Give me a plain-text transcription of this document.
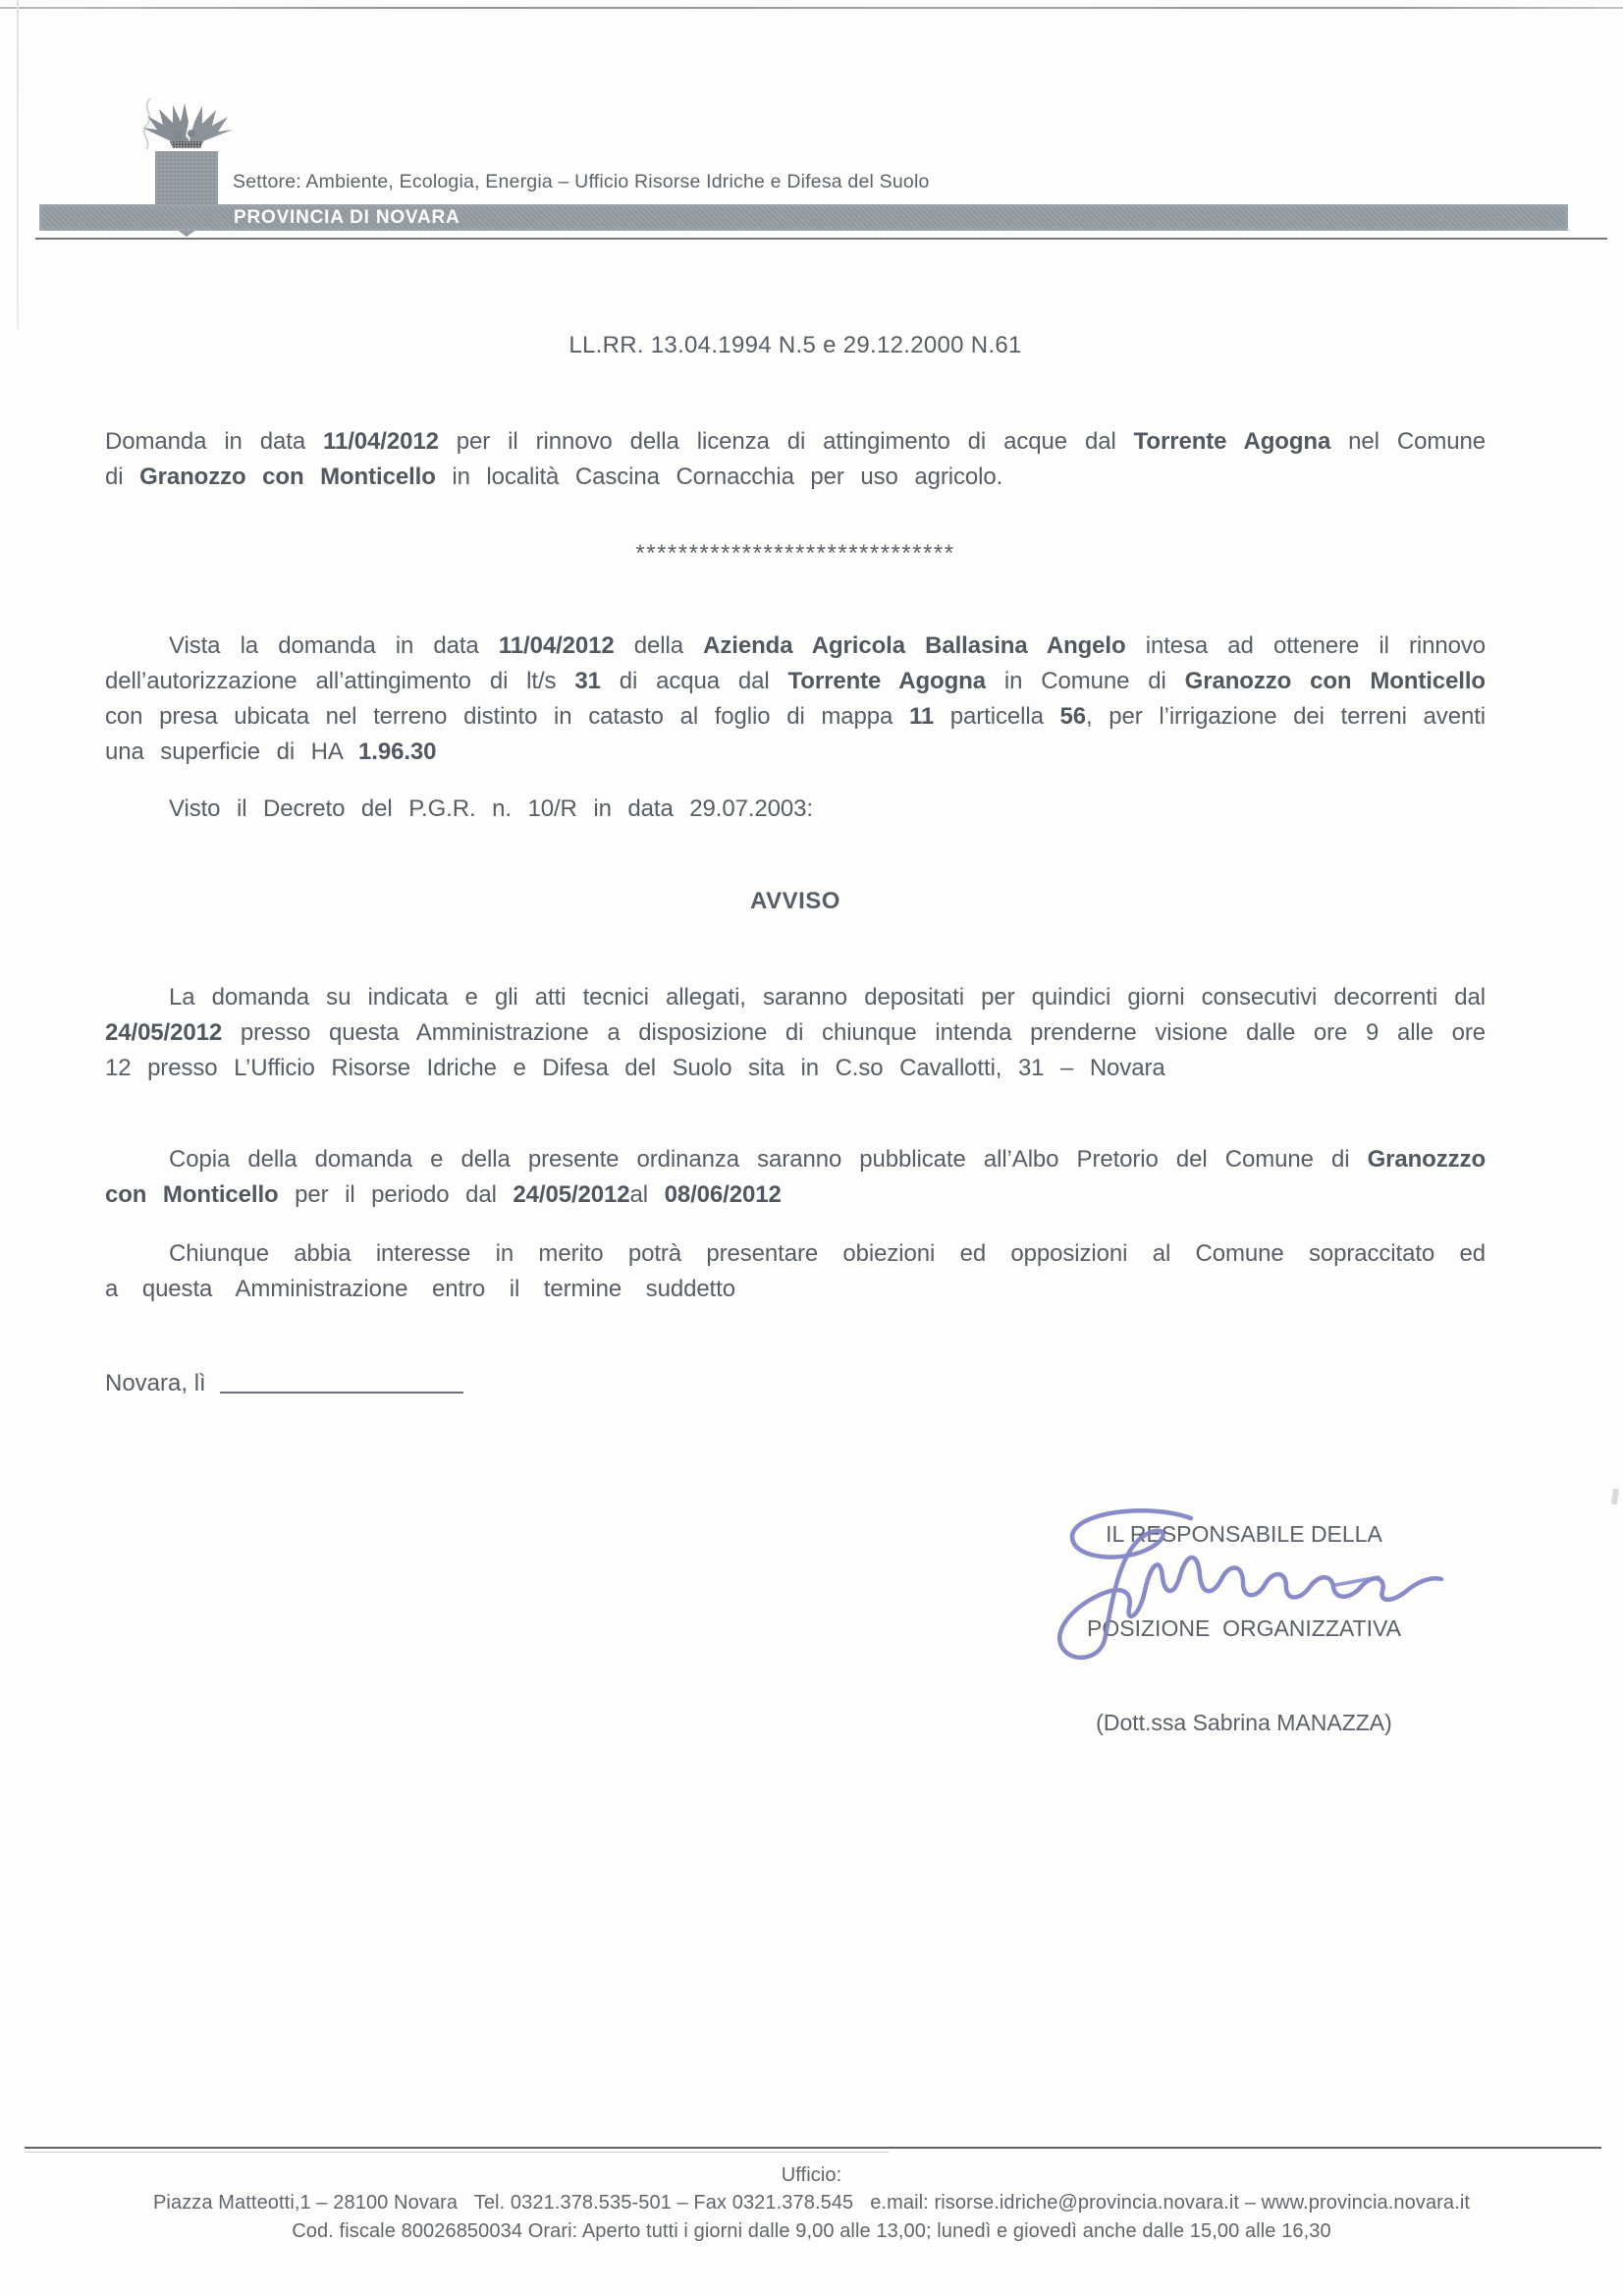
Settore: Ambiente, Ecologia, Energia – Ufficio Risorse Idriche e Difesa del Suolo
PROVINCIA DI NOVARA
LL.RR. 13.04.1994 N.5 e 29.12.2000 N.61

Domanda in data 11/04/2012 per il rinnovo della licenza di attingimento di acque dal Torrente Agogna nel Comune di Granozzo con Monticello in località Cascina Cornacchia per uso agricolo.

******************************

Vista la domanda in data 11/04/2012 della Azienda Agricola Ballasina Angelo intesa ad ottenere il rinnovo dell’autorizzazione all’attingimento di lt/s 31 di acqua dal Torrente Agogna in Comune di Granozzo con Monticello con presa ubicata nel terreno distinto in catasto al foglio di mappa 11 particella 56, per l’irrigazione dei terreni aventi una superficie di HA 1.96.30

Visto il Decreto del P.G.R. n. 10/R in data 29.07.2003:

AVVISO

La domanda su indicata e gli atti tecnici allegati, saranno depositati per quindici giorni consecutivi decorrenti dal 24/05/2012 presso questa Amministrazione a disposizione di chiunque intenda prenderne visione dalle ore 9 alle ore 12 presso L’Ufficio Risorse Idriche e Difesa del Suolo sita in C.so Cavallotti, 31 – Novara

Copia della domanda e della presente ordinanza saranno pubblicate all’Albo Pretorio del Comune di Granozzzo con Monticello per il periodo dal 24/05/2012al 08/06/2012

Chiunque abbia interesse in merito potrà presentare obiezioni ed opposizioni al Comune sopraccitato ed a questa Amministrazione entro il termine suddetto

Novara, lì

IL RESPONSABILE DELLA

POSIZIONE  ORGANIZZATIVA

(Dott.ssa Sabrina MANAZZA)

Ufficio:
Piazza Matteotti,1 – 28100 Novara   Tel. 0321.378.535-501 – Fax 0321.378.545   e.mail: risorse.idriche@provincia.novara.it – www.provincia.novara.it
Cod. fiscale 80026850034 Orari: Aperto tutti i giorni dalle 9,00 alle 13,00; lunedì e giovedì anche dalle 15,00 alle 16,30
